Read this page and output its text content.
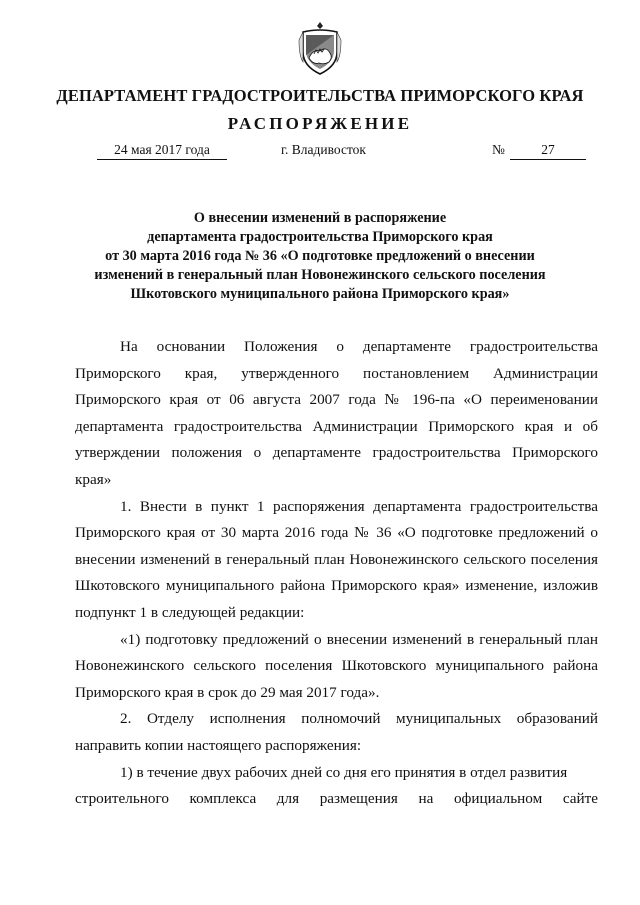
ДЕПАРТАМЕНТ ГРАДОСТРОИТЕЛЬСТВА ПРИМОРСКОГО КРАЯ
РАСПОРЯЖЕНИЕ
24 мая 2017 года	г. Владивосток	№	27
О внесении изменений в распоряжение
департамента градостроительства Приморского края
от 30 марта 2016 года № 36 «О подготовке предложений о внесении
изменений в генеральный план Новонежинского сельского поселения
Шкотовского муниципального района Приморского края»

На основании Положения о департаменте градостроительства Приморского края, утвержденного постановлением Администрации Приморского края от 06 августа 2007 года № 196-па «О переименовании департамента градостроительства Администрации Приморского края и об утверждении положения о департаменте градостроительства Приморского края»

1. Внести в пункт 1 распоряжения департамента градостроительства Приморского края от 30 марта 2016 года № 36 «О подготовке предложений о внесении изменений в генеральный план Новонежинского сельского поселения Шкотовского муниципального района Приморского края» изменение, изложив подпункт 1 в следующей редакции:

«1) подготовку предложений о внесении изменений в генеральный план Новонежинского сельского поселения Шкотовского муниципального района Приморского края в срок до 29 мая 2017 года».

2. Отделу исполнения полномочий муниципальных образований направить копии настоящего распоряжения:

1) в течение двух рабочих дней со дня его принятия в отдел развития

строительного комплекса для размещения на официальном сайте
